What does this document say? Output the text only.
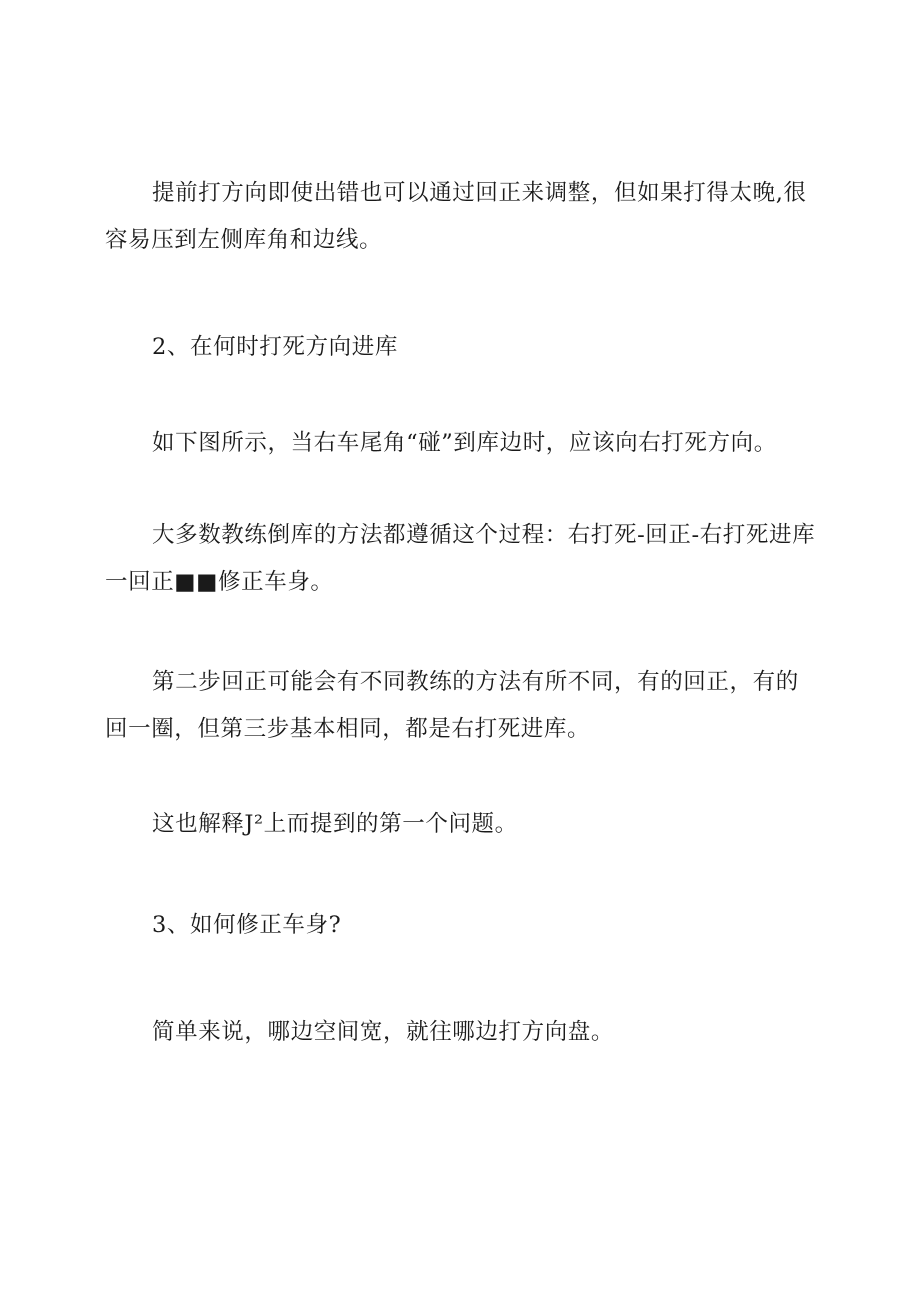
提前打方向即使出错也可以通过回正来调整，但如果打得太晚,很容易压到左侧库角和边线。

2、在何时打死方向进库

如下图所示，当右车尾角“碰”到库边时，应该向右打死方向。

大多数教练倒库的方法都遵循这个过程：右打死-回正-右打死进库一回正■■修正车身。

第二步回正可能会有不同教练的方法有所不同，有的回正，有的回一圈，但第三步基本相同，都是右打死进库。

这也解释J²上而提到的第一个问题。

3、如何修正车身?

简单来说，哪边空间宽，就往哪边打方向盘。
